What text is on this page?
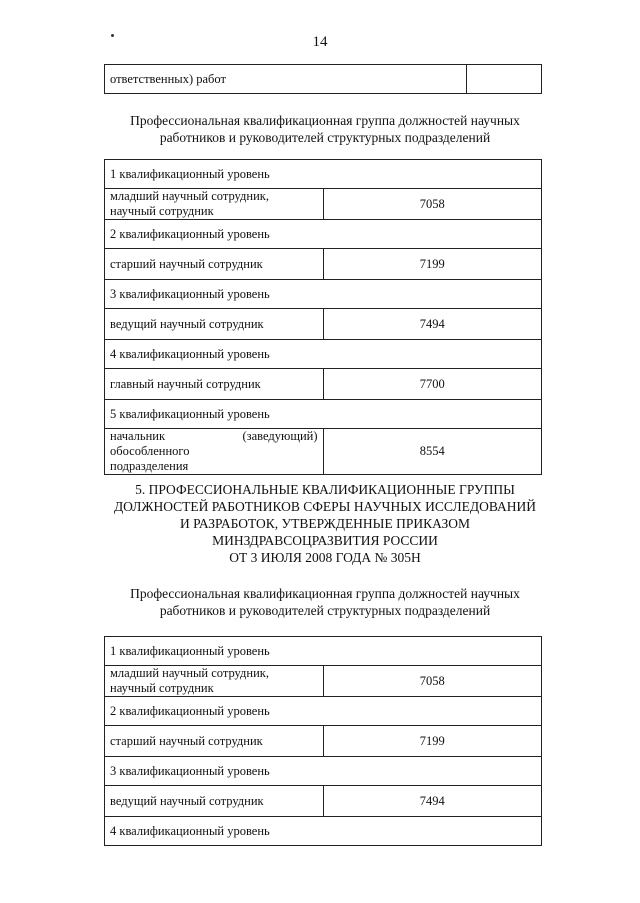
14
ответственных) работ	
Профессиональная квалификационная группа должностей научных
работников и руководителей структурных подразделений
1 квалификационный уровень	
младший научный сотрудник, научный сотрудник	7058
2 квалификационный уровень	
старший научный сотрудник	7199
3 квалификационный уровень	
ведущий научный сотрудник	7494
4 квалификационный уровень	
главный научный сотрудник	7700
5 квалификационный уровень	

начальник (заведующий) обособленного
подразделения	8554
5. ПРОФЕССИОНАЛЬНЫЕ КВАЛИФИКАЦИОННЫЕ ГРУППЫ
ДОЛЖНОСТЕЙ РАБОТНИКОВ СФЕРЫ НАУЧНЫХ ИССЛЕДОВАНИЙ
И РАЗРАБОТОК, УТВЕРЖДЕННЫЕ ПРИКАЗОМ
МИНЗДРАВСОЦРАЗВИТИЯ РОССИИ
ОТ 3 ИЮЛЯ 2008 ГОДА № 305Н
Профессиональная квалификационная группа должностей научных
работников и руководителей структурных подразделений
1 квалификационный уровень	
младший научный сотрудник, научный сотрудник	7058
2 квалификационный уровень	
старший научный сотрудник	7199
3 квалификационный уровень	
ведущий научный сотрудник	7494
4 квалификационный уровень	
